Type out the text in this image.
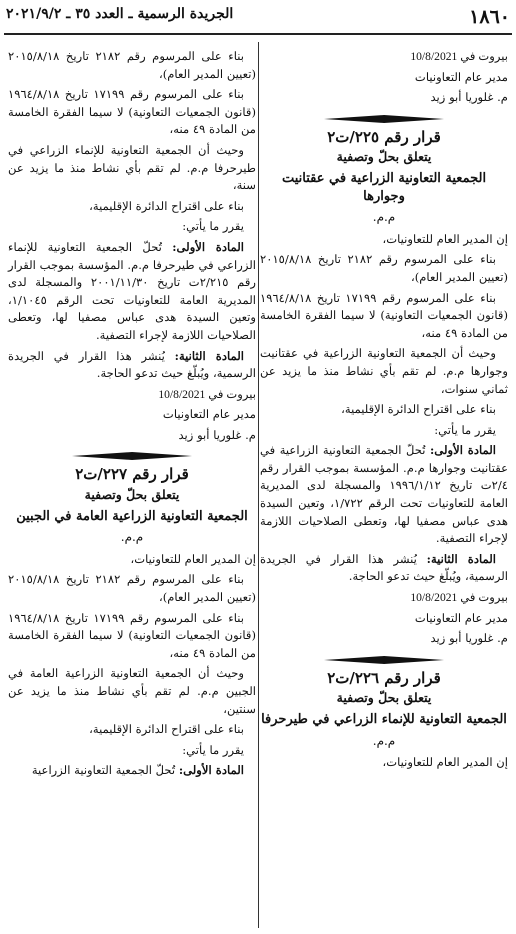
١٨٦٠
الجريدة الرسمية ـ العدد ٣٥ ـ ٢٠٢١/٩/٢

بيروت في 10/8/2021

مدير عام التعاونيات

م. غلوريا أبو زيد

قرار رقم ٢٢٥/ت٢
يتعلق بحلّ وتصفية
الجمعية التعاونية الزراعية في عقتانيت وجوارها
م.م.

إن المدير العام للتعاونيات،

بناء على المرسوم رقم ٢١٨٢ تاريخ ٢٠١٥/٨/١٨ (تعيين المدير العام)،

بناء على المرسوم رقم ١٧١٩٩ تاريخ ١٩٦٤/٨/١٨ (قانون الجمعيات التعاونية) لا سيما الفقرة الخامسة من المادة ٤٩ منه،

وحيث أن الجمعية التعاونية الزراعية في عقتانيت وجوارها م.م. لم تقم بأي نشاط منذ ما يزيد عن ثماني سنوات،

بناء على اقتراح الدائرة الإقليمية،

يقرر ما يأتي:

المادة الأولى: تُحلّ الجمعية التعاونية الزراعية في عقتانيت وجوارها م.م. المؤسسة بموجب القرار رقم ٢/٤ت تاريخ ١٩٩٦/١/١٢ والمسجلة لدى المديرية العامة للتعاونيات تحت الرقم ١/٧٢٢، وتعين السيدة هدى عباس مصفيا لها، وتعطى الصلاحيات اللازمة لإجراء التصفية.

المادة الثانية: يُنشر هذا القرار في الجريدة الرسمية، ويُبلّغ حيث تدعو الحاجة.

بيروت في 10/8/2021

مدير عام التعاونيات

م. غلوريا أبو زيد

قرار رقم ٢٢٦/ت٢
يتعلق بحلّ وتصفية
الجمعية التعاونية للإنماء الزراعي في طيرحرفا
م.م.

إن المدير العام للتعاونيات،

بناء على المرسوم رقم ٢١٨٢ تاريخ ٢٠١٥/٨/١٨ (تعيين المدير العام)،

بناء على المرسوم رقم ١٧١٩٩ تاريخ ١٩٦٤/٨/١٨ (قانون الجمعيات التعاونية) لا سيما الفقرة الخامسة من المادة ٤٩ منه،

وحيث أن الجمعية التعاونية للإنماء الزراعي في طيرحرفا م.م. لم تقم بأي نشاط منذ ما يزيد عن سنة،

بناء على اقتراح الدائرة الإقليمية،

يقرر ما يأتي:

المادة الأولى: تُحلّ الجمعية التعاونية للإنماء الزراعي في طيرحرفا م.م. المؤسسة بموجب القرار رقم ٢/٢١٥ت تاريخ ٢٠٠١/١١/٣٠ والمسجلة لدى المديرية العامة للتعاونيات تحت الرقم ١/١٠٤٥، وتعين السيدة هدى عباس مصفيا لها، وتعطى الصلاحيات اللازمة لإجراء التصفية.

المادة الثانية: يُنشر هذا القرار في الجريدة الرسمية، ويُبلّغ حيث تدعو الحاجة.

بيروت في 10/8/2021

مدير عام التعاونيات

م. غلوريا أبو زيد

قرار رقم ٢٢٧/ت٢
يتعلق بحلّ وتصفية
الجمعية التعاونية الزراعية العامة في الجبين
م.م.

إن المدير العام للتعاونيات،

بناء على المرسوم رقم ٢١٨٢ تاريخ ٢٠١٥/٨/١٨ (تعيين المدير العام)،

بناء على المرسوم رقم ١٧١٩٩ تاريخ ١٩٦٤/٨/١٨ (قانون الجمعيات التعاونية) لا سيما الفقرة الخامسة من المادة ٤٩ منه،

وحيث أن الجمعية التعاونية الزراعية العامة في الجبين م.م. لم تقم بأي نشاط منذ ما يزيد عن سنتين،

بناء على اقتراح الدائرة الإقليمية،

يقرر ما يأتي:

المادة الأولى: تُحلّ الجمعية التعاونية الزراعية
